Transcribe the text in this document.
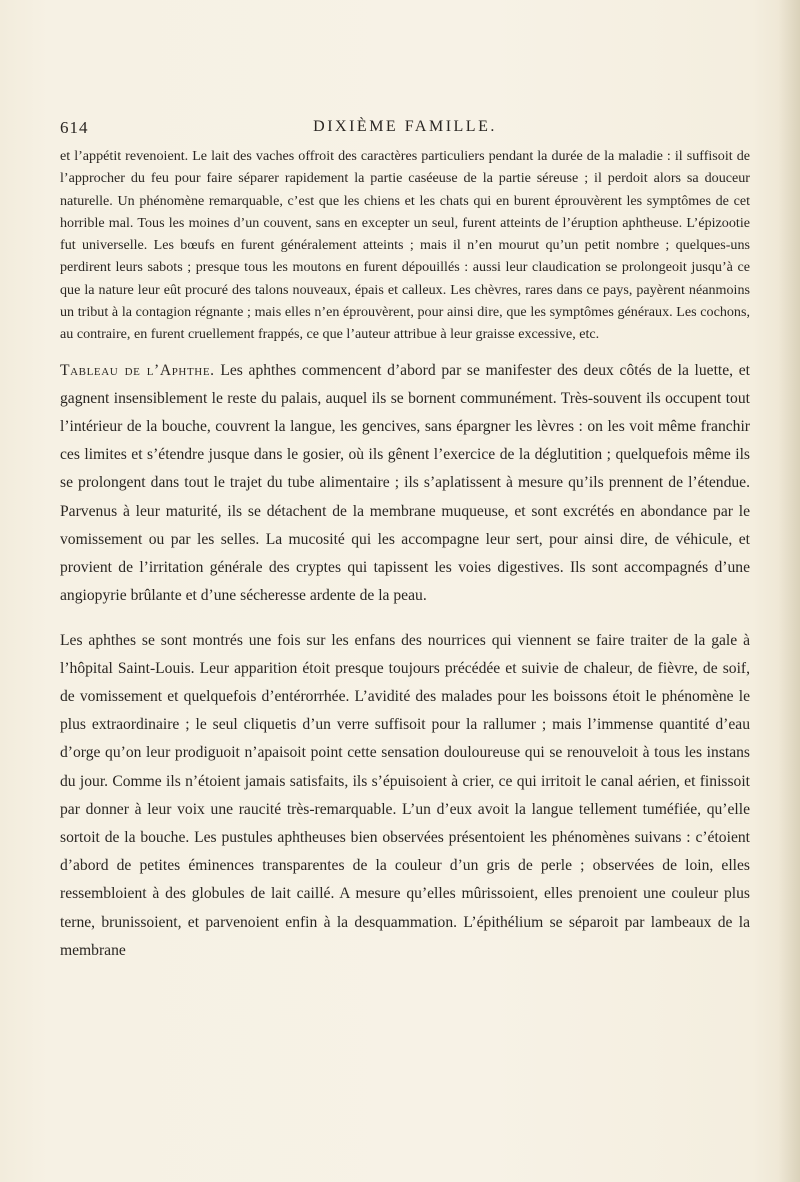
614	DIXIÈME FAMILLE.

et l’appétit revenoient. Le lait des vaches offroit des caractères particuliers pendant la durée de la maladie : il suffisoit de l’approcher du feu pour faire séparer rapidement la partie caséeuse de la partie séreuse ; il perdoit alors sa douceur naturelle. Un phénomène remarquable, c’est que les chiens et les chats qui en burent éprouvèrent les symptômes de cet horrible mal. Tous les moines d’un couvent, sans en excepter un seul, furent atteints de l’éruption aphtheuse. L’épizootie fut universelle. Les bœufs en furent généralement atteints ; mais il n’en mourut qu’un petit nombre ; quelques-uns perdirent leurs sabots ; presque tous les moutons en furent dépouillés : aussi leur claudication se prolongeoit jusqu’à ce que la nature leur eût procuré des talons nouveaux, épais et calleux. Les chèvres, rares dans ce pays, payèrent néanmoins un tribut à la contagion régnante ; mais elles n’en éprouvèrent, pour ainsi dire, que les symptômes généraux. Les cochons, au contraire, en furent cruellement frappés, ce que l’auteur attribue à leur graisse excessive, etc.

Tableau de l’Aphthe. Les aphthes commencent d’abord par se manifester des deux côtés de la luette, et gagnent insensiblement le reste du palais, auquel ils se bornent communément. Très-souvent ils occupent tout l’intérieur de la bouche, couvrent la langue, les gencives, sans épargner les lèvres : on les voit même franchir ces limites et s’étendre jusque dans le gosier, où ils gênent l’exercice de la déglutition ; quelquefois même ils se prolongent dans tout le trajet du tube alimentaire ; ils s’aplatissent à mesure qu’ils prennent de l’étendue. Parvenus à leur maturité, ils se détachent de la membrane muqueuse, et sont excrétés en abondance par le vomissement ou par les selles. La mucosité qui les accompagne leur sert, pour ainsi dire, de véhicule, et provient de l’irritation générale des cryptes qui tapissent les voies digestives. Ils sont accompagnés d’une angiopyrie brûlante et d’une sécheresse ardente de la peau.

Les aphthes se sont montrés une fois sur les enfans des nourrices qui viennent se faire traiter de la gale à l’hôpital Saint-Louis. Leur apparition étoit presque toujours précédée et suivie de chaleur, de fièvre, de soif, de vomissement et quelquefois d’entérorrhée. L’avidité des malades pour les boissons étoit le phénomène le plus extraordinaire ; le seul cliquetis d’un verre suffisoit pour la rallumer ; mais l’immense quantité d’eau d’orge qu’on leur prodiguoit n’apaisoit point cette sensation douloureuse qui se renouveloit à tous les instans du jour. Comme ils n’étoient jamais satisfaits, ils s’épuisoient à crier, ce qui irritoit le canal aérien, et finissoit par donner à leur voix une raucité très-remarquable. L’un d’eux avoit la langue tellement tuméfiée, qu’elle sortoit de la bouche. Les pustules aphtheuses bien observées présentoient les phénomènes suivans : c’étoient d’abord de petites éminences transparentes de la couleur d’un gris de perle ; observées de loin, elles ressembloient à des globules de lait caillé. A mesure qu’elles mûrissoient, elles prenoient une couleur plus terne, brunissoient, et parvenoient enfin à la desquammation. L’épithélium se séparoit par lambeaux de la membrane
